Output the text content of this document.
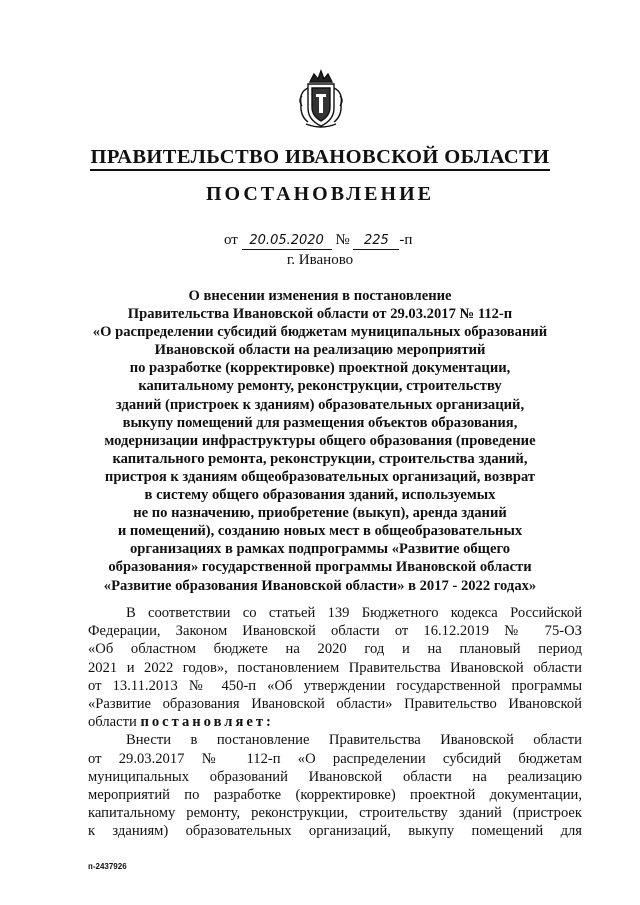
ПРАВИТЕЛЬСТВО ИВАНОВСКОЙ ОБЛАСТИ
ПОСТАНОВЛЕНИЕ
от 20.05.2020 № 225 -п
г. Иваново
О внесении изменения в постановление
Правительства Ивановской области от 29.03.2017 № 112-п
«О распределении субсидий бюджетам муниципальных образований
Ивановской области на реализацию мероприятий
по разработке (корректировке) проектной документации,
капитальному ремонту, реконструкции, строительству
зданий (пристроек к зданиям) образовательных организаций,
выкупу помещений для размещения объектов образования,
модернизации инфраструктуры общего образования (проведение
капитального ремонта, реконструкции, строительства зданий,
пристроя к зданиям общеобразовательных организаций, возврат
в систему общего образования зданий, используемых
не по назначению, приобретение (выкуп), аренда зданий
и помещений), созданию новых мест в общеобразовательных
организациях в рамках подпрограммы «Развитие общего
образования» государственной программы Ивановской области
«Развитие образования Ивановской области» в 2017 - 2022 годах»
В соответствии со статьей 139 Бюджетного кодекса Российской
Федерации, Законом Ивановской области от 16.12.2019 № 75-ОЗ
«Об областном бюджете на 2020 год и на плановый период
2021 и 2022 годов», постановлением Правительства Ивановской области
от 13.11.2013 № 450-п «Об утверждении государственной программы
«Развитие образования Ивановской области» Правительство Ивановской
области постановляет:
Внести в постановление Правительства Ивановской области
от 29.03.2017 № 112-п «О распределении субсидий бюджетам
муниципальных образований Ивановской области на реализацию
мероприятий по разработке (корректировке) проектной документации,
капитальному ремонту, реконструкции, строительству зданий (пристроек
к зданиям) образовательных организаций, выкупу помещений для
п-2437926
